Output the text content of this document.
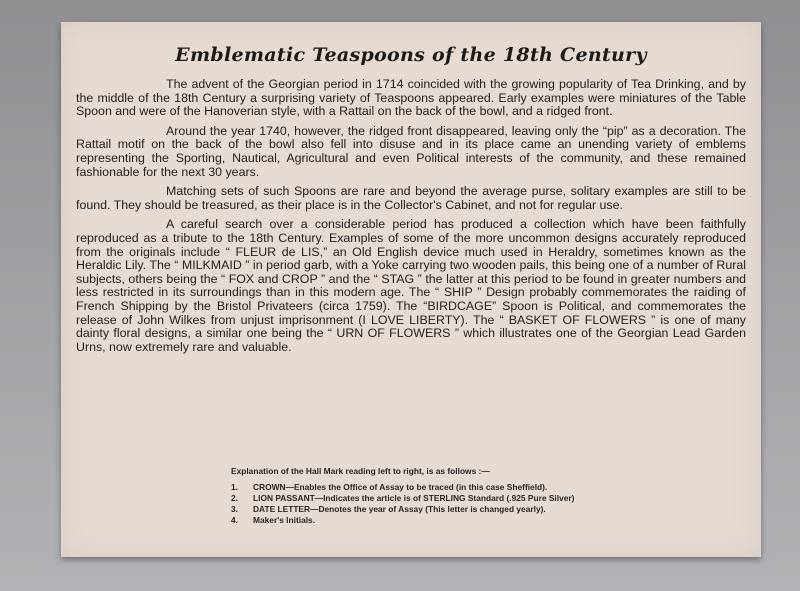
Emblematic Teaspoons of the 18th Century

The advent of the Georgian period in 1714 coincided with the growing popularity of Tea Drinking, and by the middle of the 18th Century a surprising variety of Teaspoons appeared. Early examples were miniatures of the Table Spoon and were of the Hanoverian style, with a Rattail on the back of the bowl, and a ridged front.

Around the year 1740, however, the ridged front disappeared, leaving only the “pip” as a decoration. The Rattail motif on the back of the bowl also fell into disuse and in its place came an unending variety of emblems representing the Sporting, Nautical, Agricultural and even Political interests of the community, and these remained fashionable for the next 30 years.

Matching sets of such Spoons are rare and beyond the average purse, solitary examples are still to be found. They should be treasured, as their place is in the Collector's Cabinet, and not for regular use.

A careful search over a considerable period has produced a collection which have been faithfully reproduced as a tribute to the 18th Century. Examples of some of the more uncommon designs accurately reproduced from the originals include “ FLEUR de LIS,” an Old English device much used in Heraldry, sometimes known as the Heraldic Lily. The “ MILKMAID ” in period garb, with a Yoke carrying two wooden pails, this being one of a number of Rural subjects, others being the “ FOX and CROP ” and the “ STAG ” the latter at this period to be found in greater numbers and less restricted in its surroundings than in this modern age. The “ SHIP ” Design probably commemorates the raiding of French Shipping by the Bristol Privateers (circa 1759). The “BIRDCAGE” Spoon is Political, and commemorates the release of John Wilkes from unjust imprisonment (I LOVE LIBERTY). The “ BASKET OF FLOWERS ” is one of many dainty floral designs, a similar one being the “ URN OF FLOWERS ” which illustrates one of the Georgian Lead Garden Urns, now extremely rare and valuable.

Explanation of the Hall Mark reading left to right, is as follows :—
1.	CROWN—Enables the Office of Assay to be traced (in this case Sheffield).
2.	LION PASSANT—Indicates the article is of STERLING Standard (.925 Pure Silver)
3.	DATE LETTER—Denotes the year of Assay (This letter is changed yearly).
4.	Maker's Initials.
